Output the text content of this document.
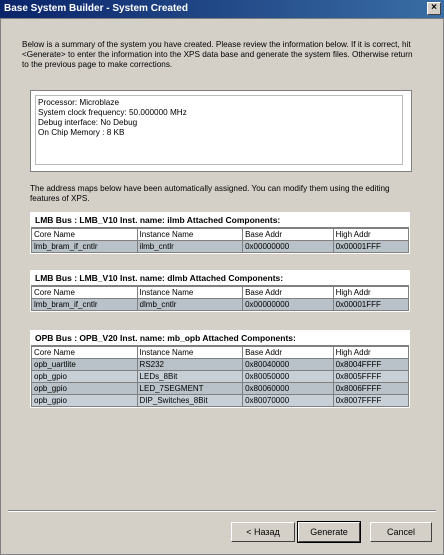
Base System Builder - System Created	×
Below is a summary of the system you have created. Please review the information below. If it is correct, hit <Generate> to enter the information into the XPS data base and generate the system files. Otherwise return to the previous page to make corrections.
Processor: Microblaze
System clock frequency: 50.000000 MHz
Debug interface: No Debug
On Chip Memory : 8 KB
The address maps below have been automatically assigned. You can modify them using the editing features of XPS.
LMB Bus : LMB_V10 Inst. name: ilmb Attached Components:
Core Name	Instance Name	Base Addr	High Addr
lmb_bram_if_cntlr	ilmb_cntlr	0x00000000	0x00001FFF
LMB Bus : LMB_V10 Inst. name: dlmb Attached Components:
Core Name	Instance Name	Base Addr	High Addr
lmb_bram_if_cntlr	dlmb_cntlr	0x00000000	0x00001FFF
OPB Bus : OPB_V20 Inst. name: mb_opb Attached Components:
Core Name	Instance Name	Base Addr	High Addr
opb_uartlite	RS232	0x80040000	0x8004FFFF
opb_gpio	LEDs_8Bit	0x80050000	0x8005FFFF
opb_gpio	LED_7SEGMENT	0x80060000	0x8006FFFF
opb_gpio	DIP_Switches_8Bit	0x80070000	0x8007FFFF
< Назад	Generate	Cancel
